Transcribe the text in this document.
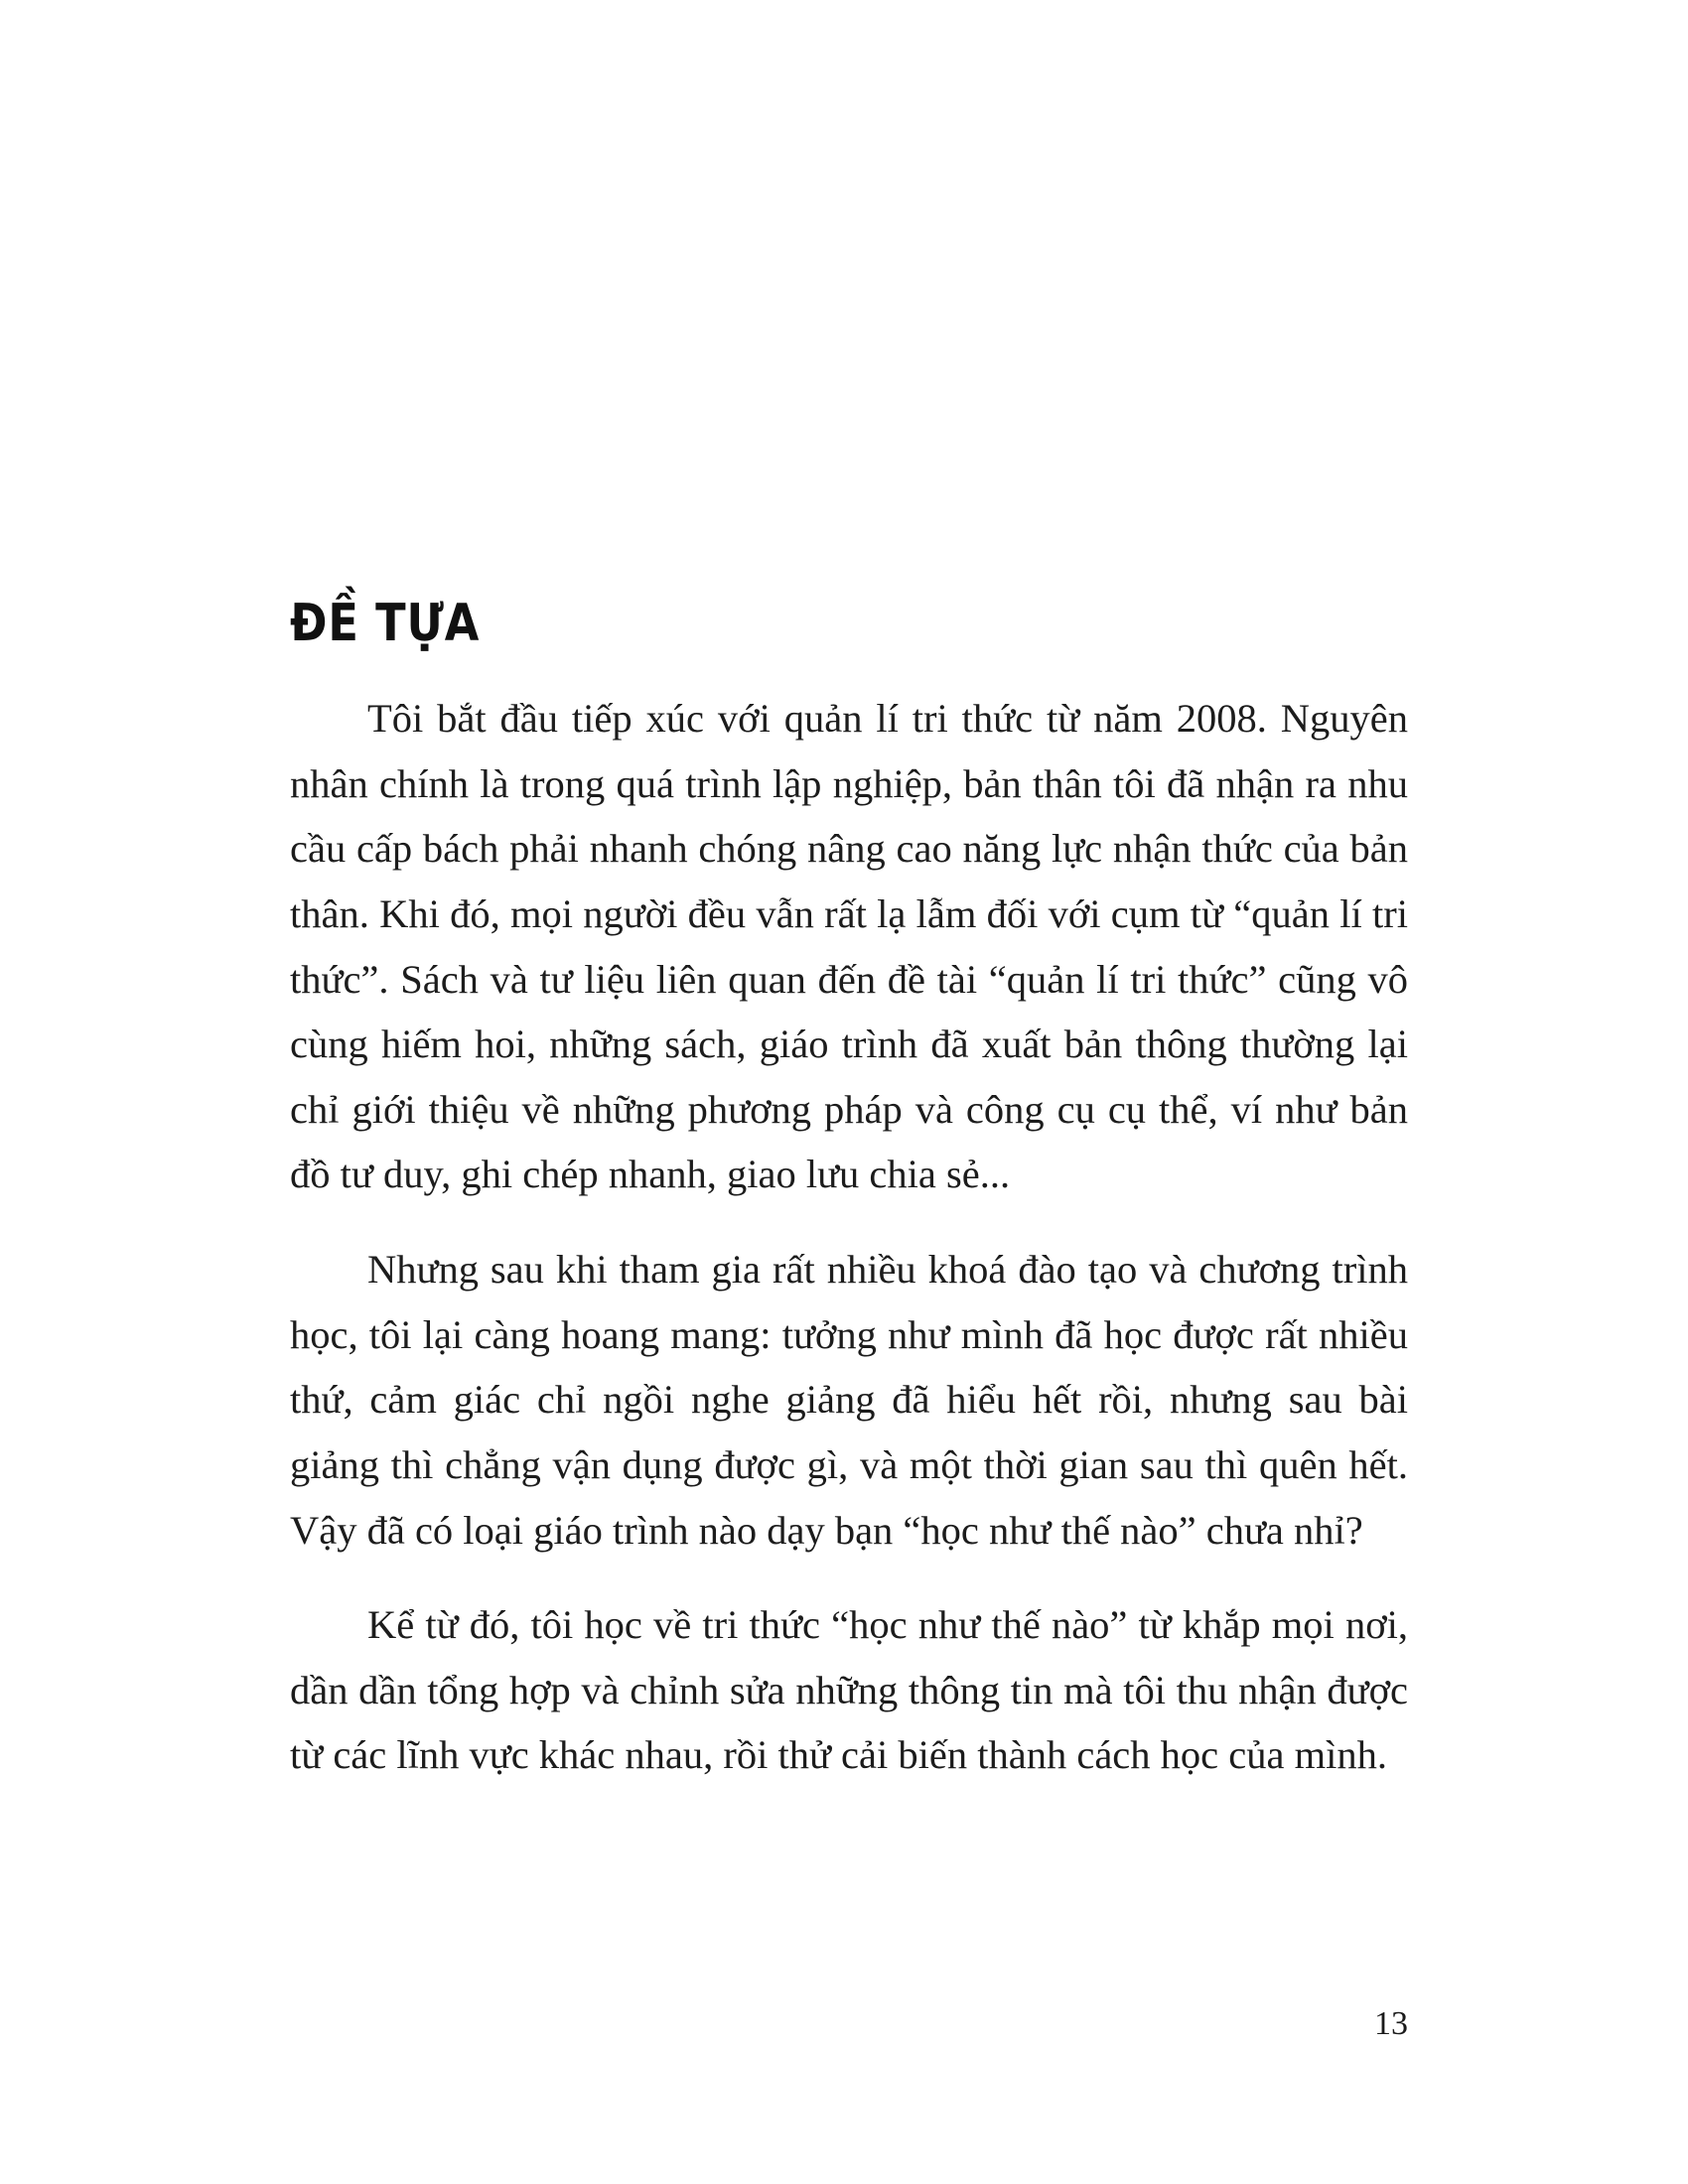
ĐỀ TỰA

Tôi bắt đầu tiếp xúc với quản lí tri thức từ năm 2008. Nguyên nhân chính là trong quá trình lập nghiệp, bản thân tôi đã nhận ra nhu cầu cấp bách phải nhanh chóng nâng cao năng lực nhận thức của bản thân. Khi đó, mọi người đều vẫn rất lạ lẫm đối với cụm từ “quản lí tri thức”. Sách và tư liệu liên quan đến đề tài “quản lí tri thức” cũng vô cùng hiếm hoi, những sách, giáo trình đã xuất bản thông thường lại chỉ giới thiệu về những phương pháp và công cụ cụ thể, ví như bản đồ tư duy, ghi chép nhanh, giao lưu chia sẻ...

Nhưng sau khi tham gia rất nhiều khoá đào tạo và chương trình học, tôi lại càng hoang mang: tưởng như mình đã học được rất nhiều thứ, cảm giác chỉ ngồi nghe giảng đã hiểu hết rồi, nhưng sau bài giảng thì chẳng vận dụng được gì, và một thời gian sau thì quên hết. Vậy đã có loại giáo trình nào dạy bạn “học như thế nào” chưa nhỉ?

Kể từ đó, tôi học về tri thức “học như thế nào” từ khắp mọi nơi, dần dần tổng hợp và chỉnh sửa những thông tin mà tôi thu nhận được từ các lĩnh vực khác nhau, rồi thử cải biến thành cách học của mình.

13
